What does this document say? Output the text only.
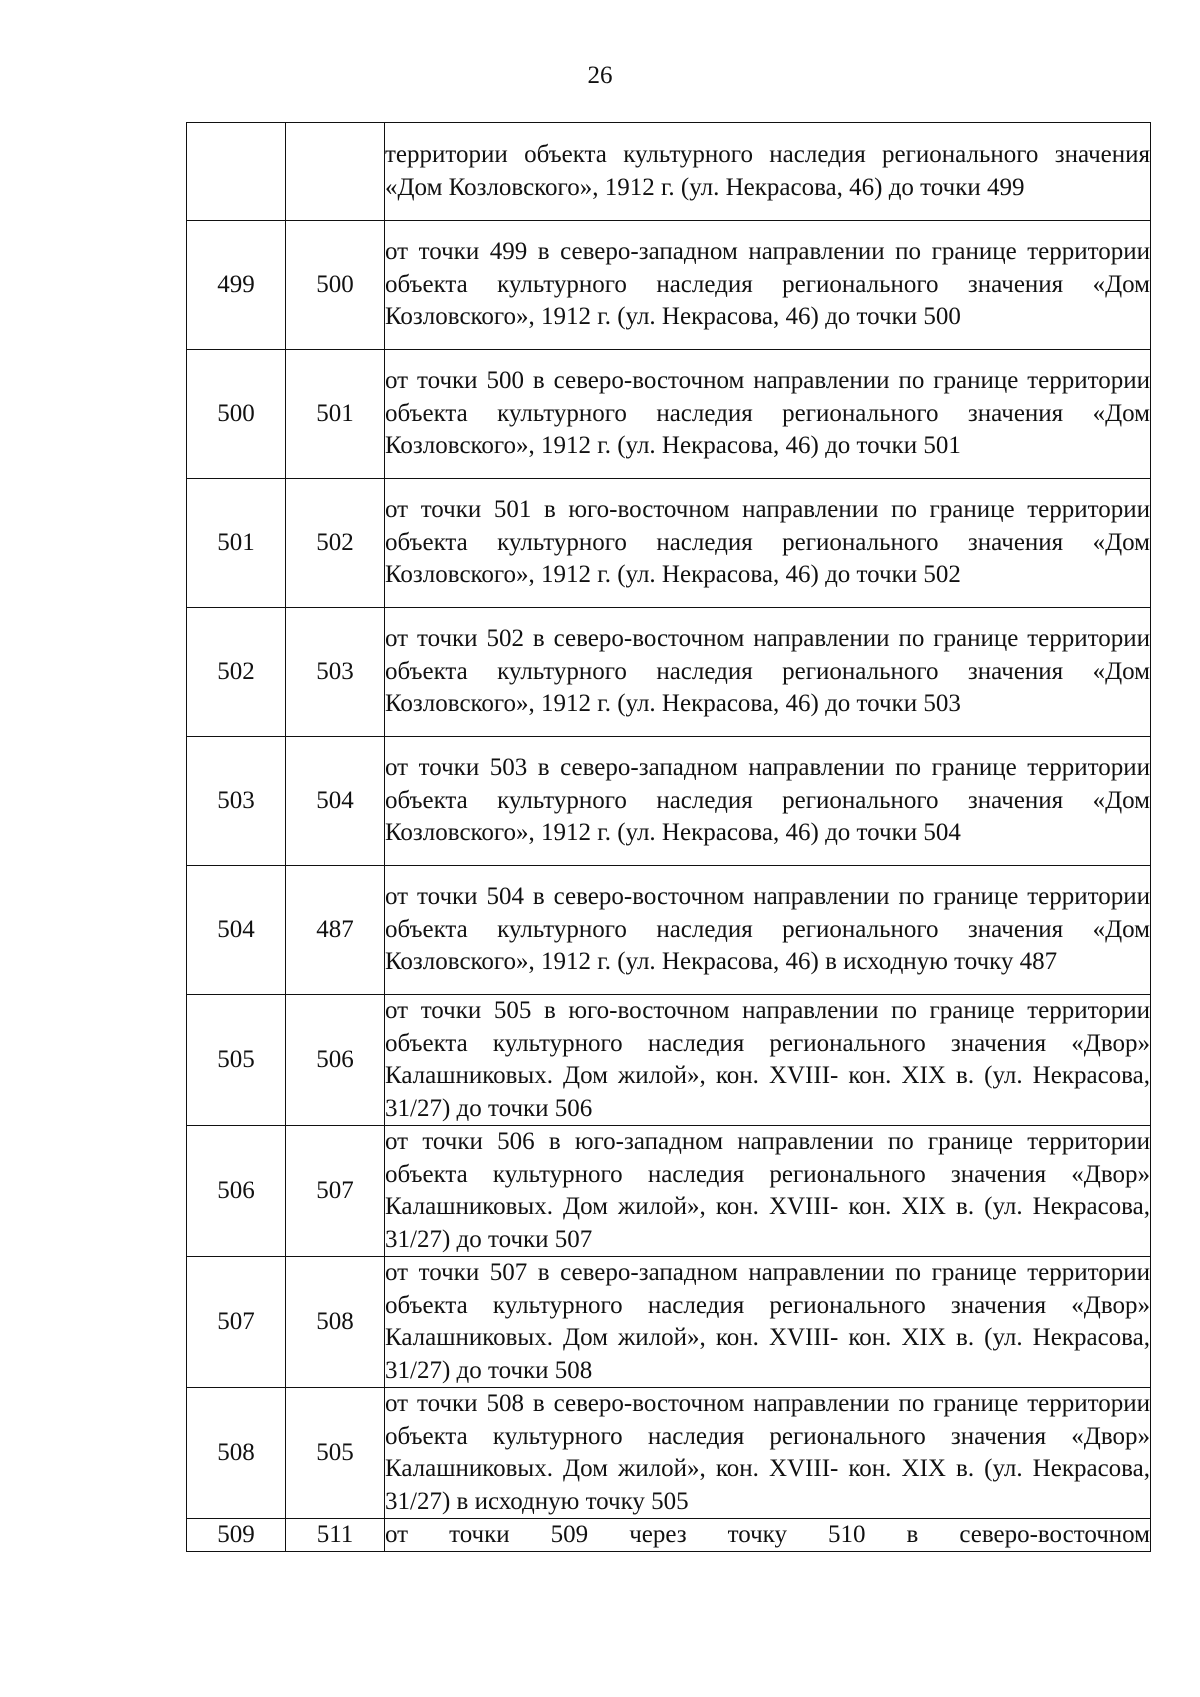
26
		территории объекта культурного наследия регионального значения «Дом Козловского», 1912 г. (ул. Некрасова, 46) до точки 499
499	500	от точки 499 в северо-западном направлении по границе территории объекта культурного наследия регионального значения «Дом Козловского», 1912 г. (ул. Некрасова, 46) до точки 500
500	501	от точки 500 в северо-восточном направлении по границе территории объекта культурного наследия регионального значения «Дом Козловского», 1912 г. (ул. Некрасова, 46) до точки 501
501	502	от точки 501 в юго-восточном направлении по границе территории объекта культурного наследия регионального значения «Дом Козловского», 1912 г. (ул. Некрасова, 46) до точки 502
502	503	от точки 502 в северо-восточном направлении по границе территории объекта культурного наследия регионального значения «Дом Козловского», 1912 г. (ул. Некрасова, 46) до точки 503
503	504	от точки 503 в северо-западном направлении по границе территории объекта культурного наследия регионального значения «Дом Козловского», 1912 г. (ул. Некрасова, 46) до точки 504
504	487	от точки 504 в северо-восточном направлении по границе территории объекта культурного наследия регионального значения «Дом Козловского», 1912 г. (ул. Некрасова, 46) в исходную точку 487
505	506	от точки 505 в юго-восточном направлении по границе территории объекта культурного наследия регионального значения «Двор» Калашниковых. Дом жилой», кон. XVIII- кон. XIX в. (ул. Некрасова, 31/27) до точки 506
506	507	от точки 506 в юго-западном направлении по границе территории объекта культурного наследия регионального значения «Двор» Калашниковых. Дом жилой», кон. XVIII- кон. XIX в. (ул. Некрасова, 31/27) до точки 507
507	508	от точки 507 в северо-западном направлении по границе территории объекта культурного наследия регионального значения «Двор» Калашниковых. Дом жилой», кон. XVIII- кон. XIX в. (ул. Некрасова, 31/27) до точки 508
508	505	от точки 508 в северо-восточном направлении по границе территории объекта культурного наследия регионального значения «Двор» Калашниковых. Дом жилой», кон. XVIII- кон. XIX в. (ул. Некрасова, 31/27) в исходную точку 505
509	511	от точки 509 через точку 510 в северо-восточном
